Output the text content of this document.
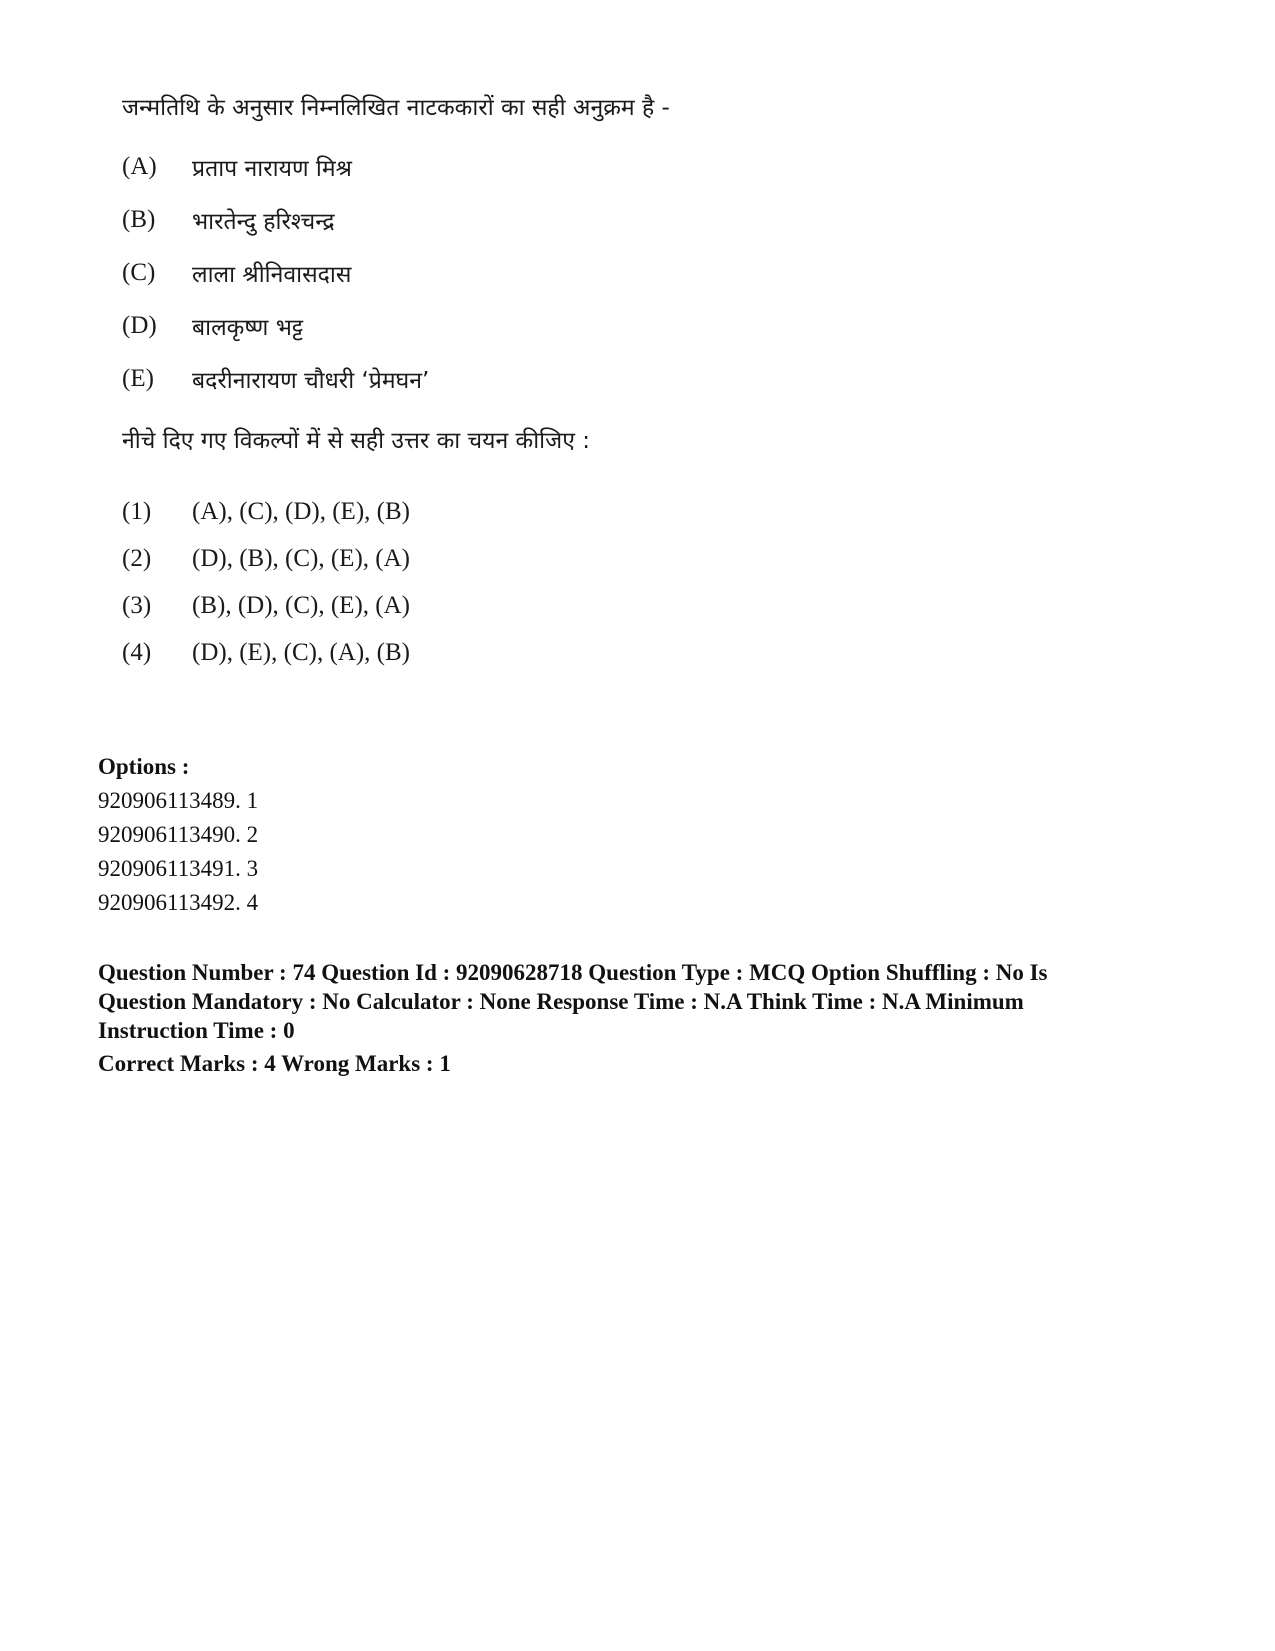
जन्मतिथि के अनुसार निम्नलिखित नाटककारों का सही अनुक्रम है -

(A)	प्रताप नारायण मिश्र
(B)	भारतेन्दु हरिश्चन्द्र
(C)	लाला श्रीनिवासदास
(D)	बालकृष्ण भट्ट
(E)	बदरीनारायण चौधरी ‘प्रेमघन’

नीचे दिए गए विकल्पों में से सही उत्तर का चयन कीजिए :

(1)	(A), (C), (D), (E), (B)
(2)	(D), (B), (C), (E), (A)
(3)	(B), (D), (C), (E), (A)
(4)	(D), (E), (C), (A), (B)
Options :
920906113489. 1
920906113490. 2
920906113491. 3
920906113492. 4
Question Number : 74 Question Id : 92090628718 Question Type : MCQ Option Shuffling : No Is
Question Mandatory : No Calculator : None Response Time : N.A Think Time : N.A Minimum
Instruction Time : 0
Correct Marks : 4 Wrong Marks : 1
